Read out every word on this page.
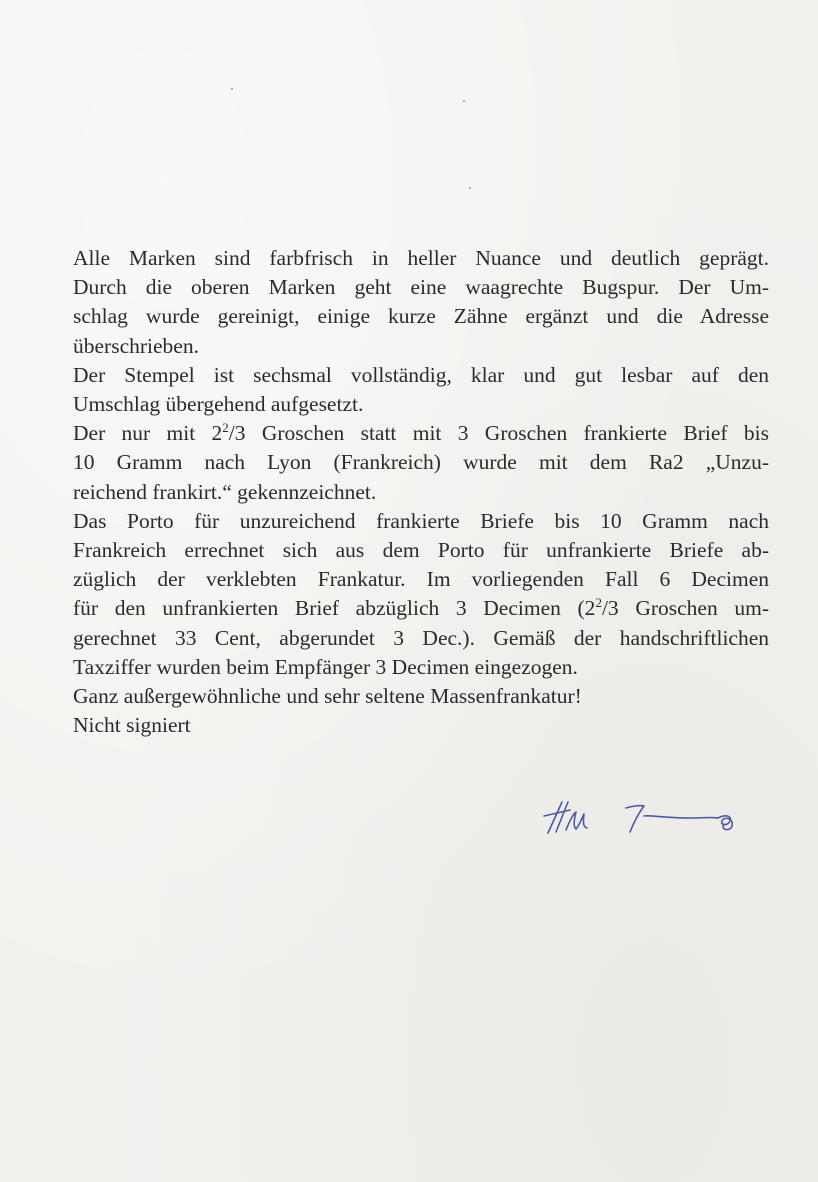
Alle Marken sind farbfrisch in heller Nuance und deutlich geprägt.
Durch die oberen Marken geht eine waagrechte Bugspur. Der Um-
schlag wurde gereinigt, einige kurze Zähne ergänzt und die Adresse
überschrieben.
Der Stempel ist sechsmal vollständig, klar und gut lesbar auf den
Umschlag übergehend aufgesetzt.
Der nur mit $2^2/3$ Groschen statt mit 3 Groschen frankierte Brief bis
10 Gramm nach Lyon (Frankreich) wurde mit dem Ra2 „Unzu-
reichend frankirt.“ gekennzeichnet.
Das Porto für unzureichend frankierte Briefe bis 10 Gramm nach
Frankreich errechnet sich aus dem Porto für unfrankierte Briefe ab-
züglich der verklebten Frankatur. Im vorliegenden Fall 6 Decimen
für den unfrankierten Brief abzüglich 3 Decimen ($2^2/3$ Groschen um-
gerechnet 33 Cent, abgerundet 3 Dec.). Gemäß der handschriftlichen
Taxziffer wurden beim Empfänger 3 Decimen eingezogen.
Ganz außergewöhnliche und sehr seltene Massenfrankatur!
Nicht signiert
